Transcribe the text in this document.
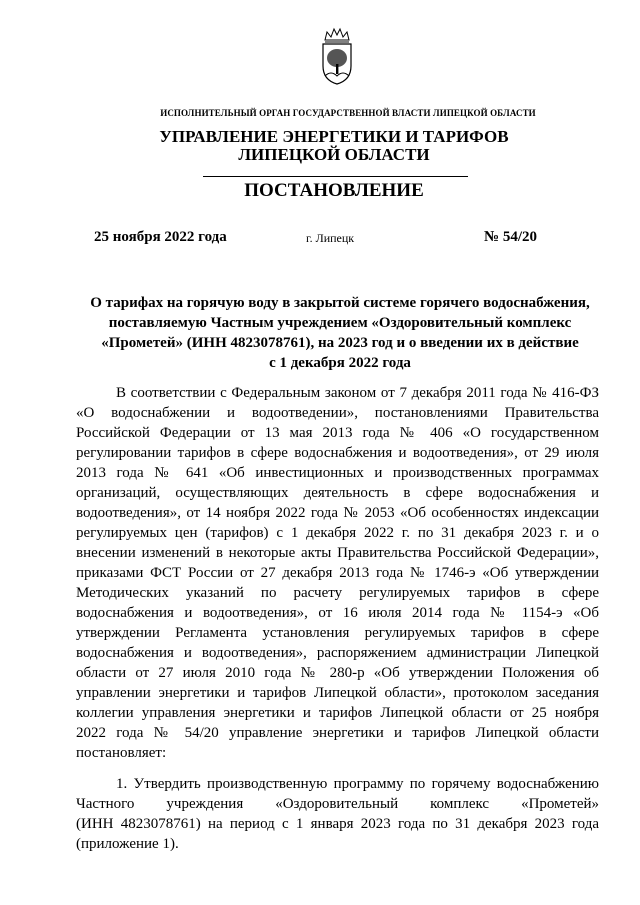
ИСПОЛНИТЕЛЬНЫЙ ОРГАН ГОСУДАРСТВЕННОЙ ВЛАСТИ ЛИПЕЦКОЙ ОБЛАСТИ
УПРАВЛЕНИЕ ЭНЕРГЕТИКИ И ТАРИФОВ
ЛИПЕЦКОЙ ОБЛАСТИ
ПОСТАНОВЛЕНИЕ
25 ноября 2022 года	г. Липецк	№ 54/20
О тарифах на горячую воду в закрытой системе горячего водоснабжения,
поставляемую Частным учреждением «Оздоровительный комплекс
«Прометей» (ИНН 4823078761), на 2023 год и о введении их в действие
с 1 декабря 2022 года
В соответствии с Федеральным законом от 7 декабря 2011 года № 416-ФЗ
«О водоснабжении и водоотведении», постановлениями Правительства
Российской Федерации от 13 мая 2013 года № 406 «О государственном
регулировании тарифов в сфере водоснабжения и водоотведения», от 29 июля
2013 года № 641 «Об инвестиционных и производственных программах
организаций, осуществляющих деятельность в сфере водоснабжения и
водоотведения», от 14 ноября 2022 года № 2053 «Об особенностях индексации
регулируемых цен (тарифов) с 1 декабря 2022 г. по 31 декабря 2023 г. и о
внесении изменений в некоторые акты Правительства Российской Федерации»,
приказами ФСТ России от 27 декабря 2013 года № 1746-э «Об утверждении
Методических указаний по расчету регулируемых тарифов в сфере
водоснабжения и водоотведения», от 16 июля 2014 года № 1154-э «Об
утверждении Регламента установления регулируемых тарифов в сфере
водоснабжения и водоотведения», распоряжением администрации Липецкой
области от 27 июля 2010 года № 280-р «Об утверждении Положения об
управлении энергетики и тарифов Липецкой области», протоколом заседания
коллегии управления энергетики и тарифов Липецкой области от 25 ноября
2022 года № 54/20 управление энергетики и тарифов Липецкой области
постановляет:
1. Утвердить производственную программу по горячему водоснабжению
Частного учреждения «Оздоровительный комплекс «Прометей»
(ИНН 4823078761) на период с 1 января 2023 года по 31 декабря 2023 года
(приложение 1).
